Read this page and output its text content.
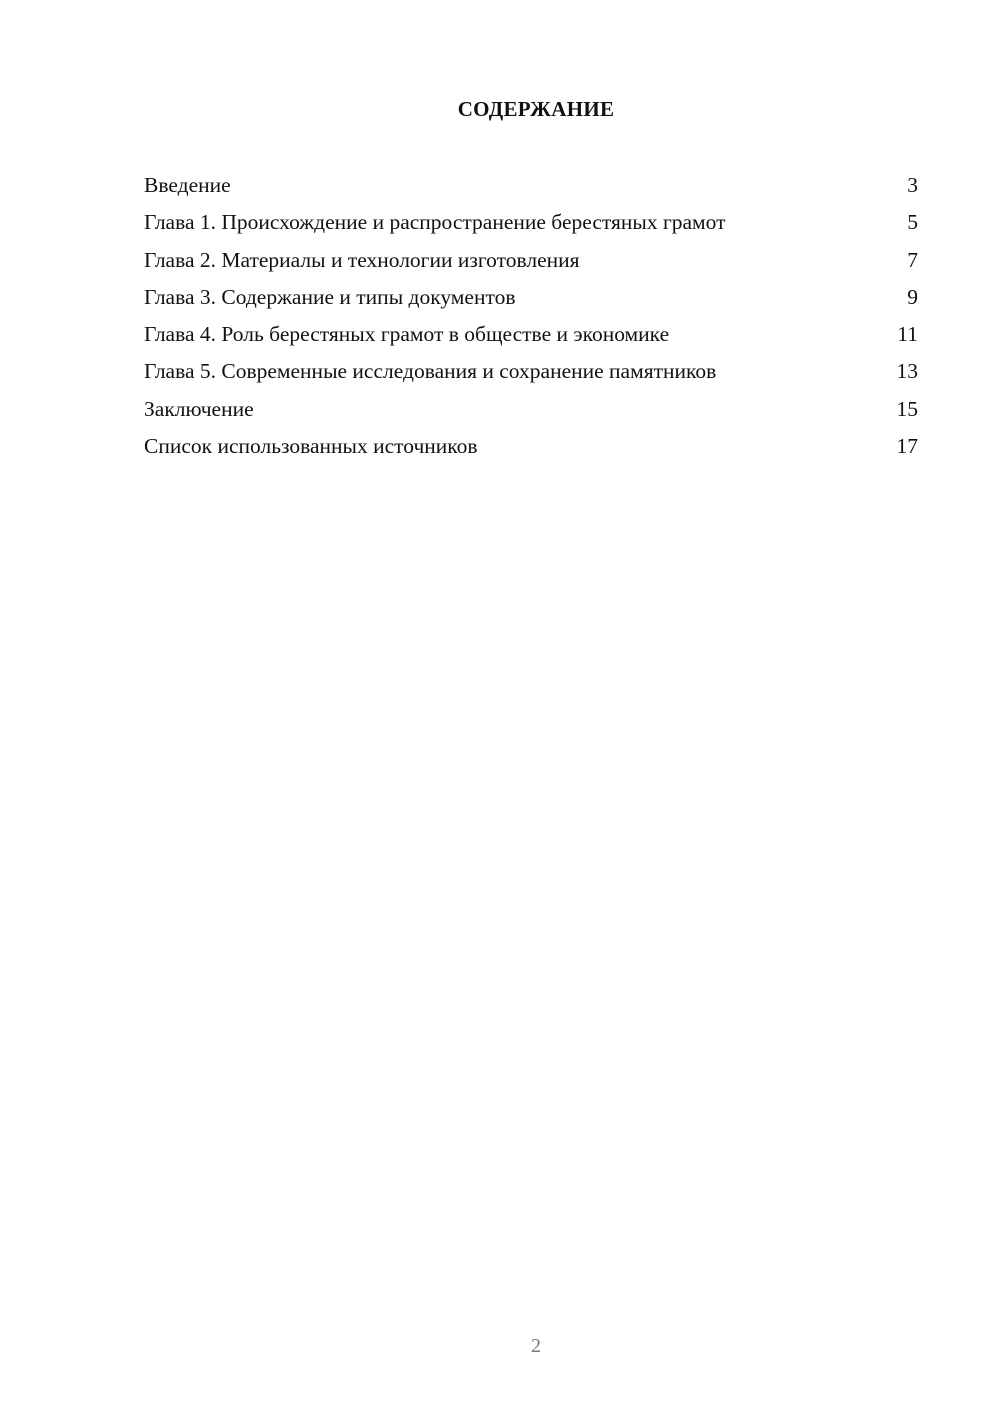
СОДЕРЖАНИЕ
Введение	3
Глава 1. Происхождение и распространение берестяных грамот	5
Глава 2. Материалы и технологии изготовления	7
Глава 3. Содержание и типы документов	9
Глава 4. Роль берестяных грамот в обществе и экономике	11
Глава 5. Современные исследования и сохранение памятников	13
Заключение	15
Список использованных источников	17
2
